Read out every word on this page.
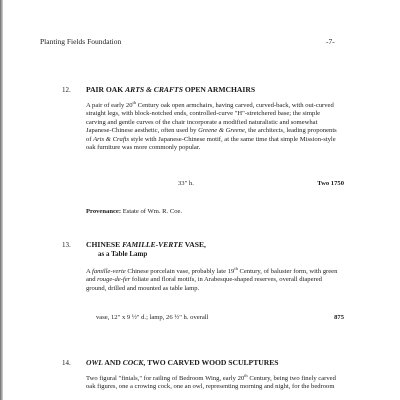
Planting Fields Foundation	-7-
12. PAIR OAK ARTS & CRAFTS OPEN ARMCHAIRS

A pair of early 20th Century oak open armchairs, having carved, curved-back, with out-curved straight legs, with block-notched ends, controlled-curve "H"-stretchered base; the simple carving and gentle curves of the chair incorporate a modified naturalistic and somewhat Japanese-Chinese aesthetic, often used by Greene & Greene, the architects, leading proponents of Arts & Crafts style with Japanese-Chinese motif, at the same time that simple Mission-style oak furniture was more commonly popular.

33" h.	Two 1750
Provenance: Estate of Wm. R. Coe.
13. CHINESE FAMILLE-VERTE VASE,
as a Table Lamp

A famille-verte Chinese porcelain vase, probably late 19th Century, of baluster form, with green and rouge-de-fer foliate and floral motifs, in Arabesque-shaped reserves, overall diapered ground, drilled and mounted as table lamp.

vase, 12" x 9 ½" d.; lamp, 26 ½" h. overall	875
14. OWL AND COCK, TWO CARVED WOOD SCULPTURES

Two figural "finials," for railing of Bedroom Wing, early 20th Century, being two finely carved oak figures, one a crowing cock, one an owl, representing morning and night, for the bedroom
